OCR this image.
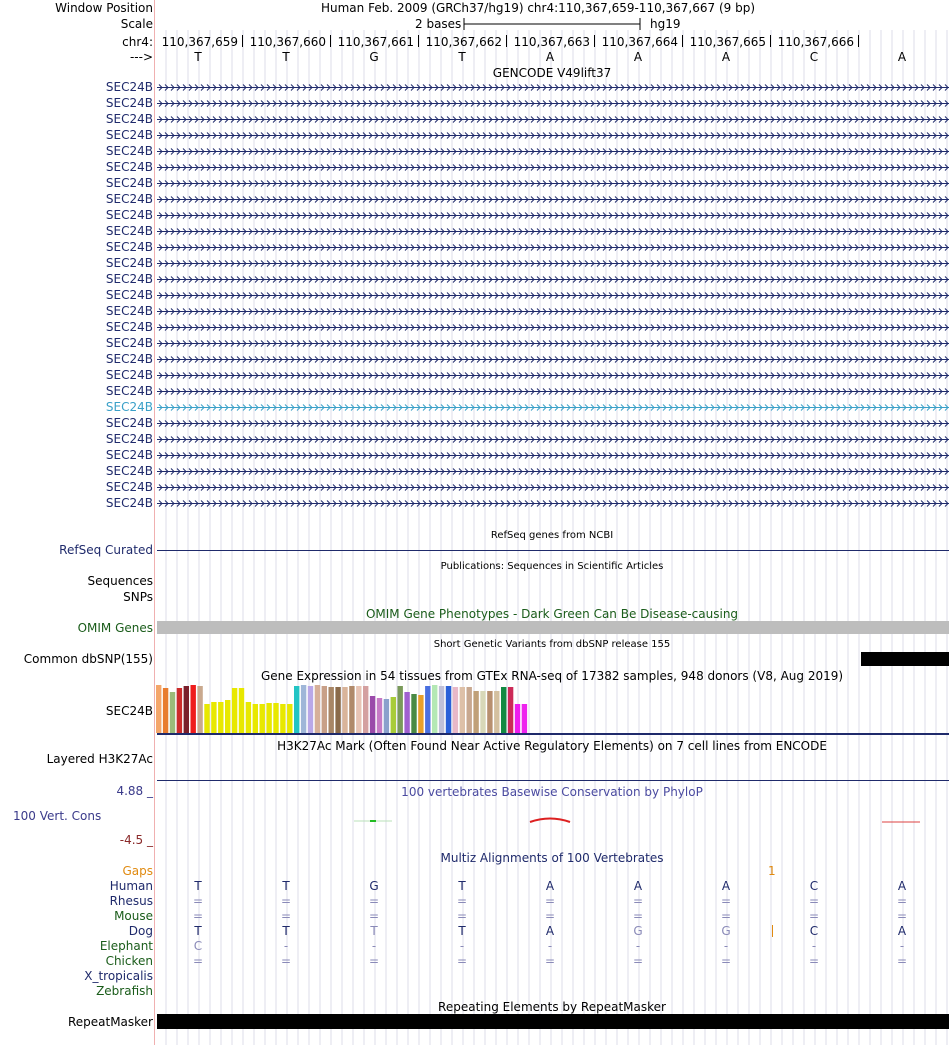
Window Position	Human Feb. 2009 (GRCh37/hg19) chr4:110,367,659-110,367,667 (9 bp)
Scale	2 bases	hg19
chr4: 110,367,659 110,367,660 110,367,661 110,367,662 110,367,663 110,367,664 110,367,665 110,367,666
--->	T	T	G	T	A	A	A	C	A
GENCODE V49lift37
SEC24B
SEC24B
SEC24B
SEC24B
SEC24B
SEC24B
SEC24B
SEC24B
SEC24B
SEC24B
SEC24B
SEC24B
SEC24B
SEC24B
SEC24B
SEC24B
SEC24B
SEC24B
SEC24B
SEC24B
SEC24B
SEC24B
SEC24B
SEC24B
SEC24B
SEC24B
SEC24B
RefSeq genes from NCBI
RefSeq Curated
Publications: Sequences in Scientific Articles
Sequences
SNPs
OMIM Gene Phenotypes - Dark Green Can Be Disease-causing
OMIM Genes
Short Genetic Variants from dbSNP release 155
Common dbSNP(155)
Gene Expression in 54 tissues from GTEx RNA-seq of 17382 samples, 948 donors (V8, Aug 2019)
SEC24B
H3K27Ac Mark (Often Found Near Active Regulatory Elements) on 7 cell lines from ENCODE
Layered H3K27Ac
4.88 _	100 vertebrates Basewise Conservation by PhyloP
100 Vert. Cons
-4.5 _
Multiz Alignments of 100 Vertebrates
Gaps	1
Human	T	T	G	T	A	A	A	C	A
Rhesus	=	=	=	=	=	=	=	=	=
Mouse	=	=	=	=	=	=	=	=	=
Dog	T	T	T	T	A	G	G	C	A
Elephant	C	-	-	-	-	-	-	-	-
Chicken	=	=	=	=	=	=	=	=	=
X_tropicalis
Zebrafish
Repeating Elements by RepeatMasker
RepeatMasker
